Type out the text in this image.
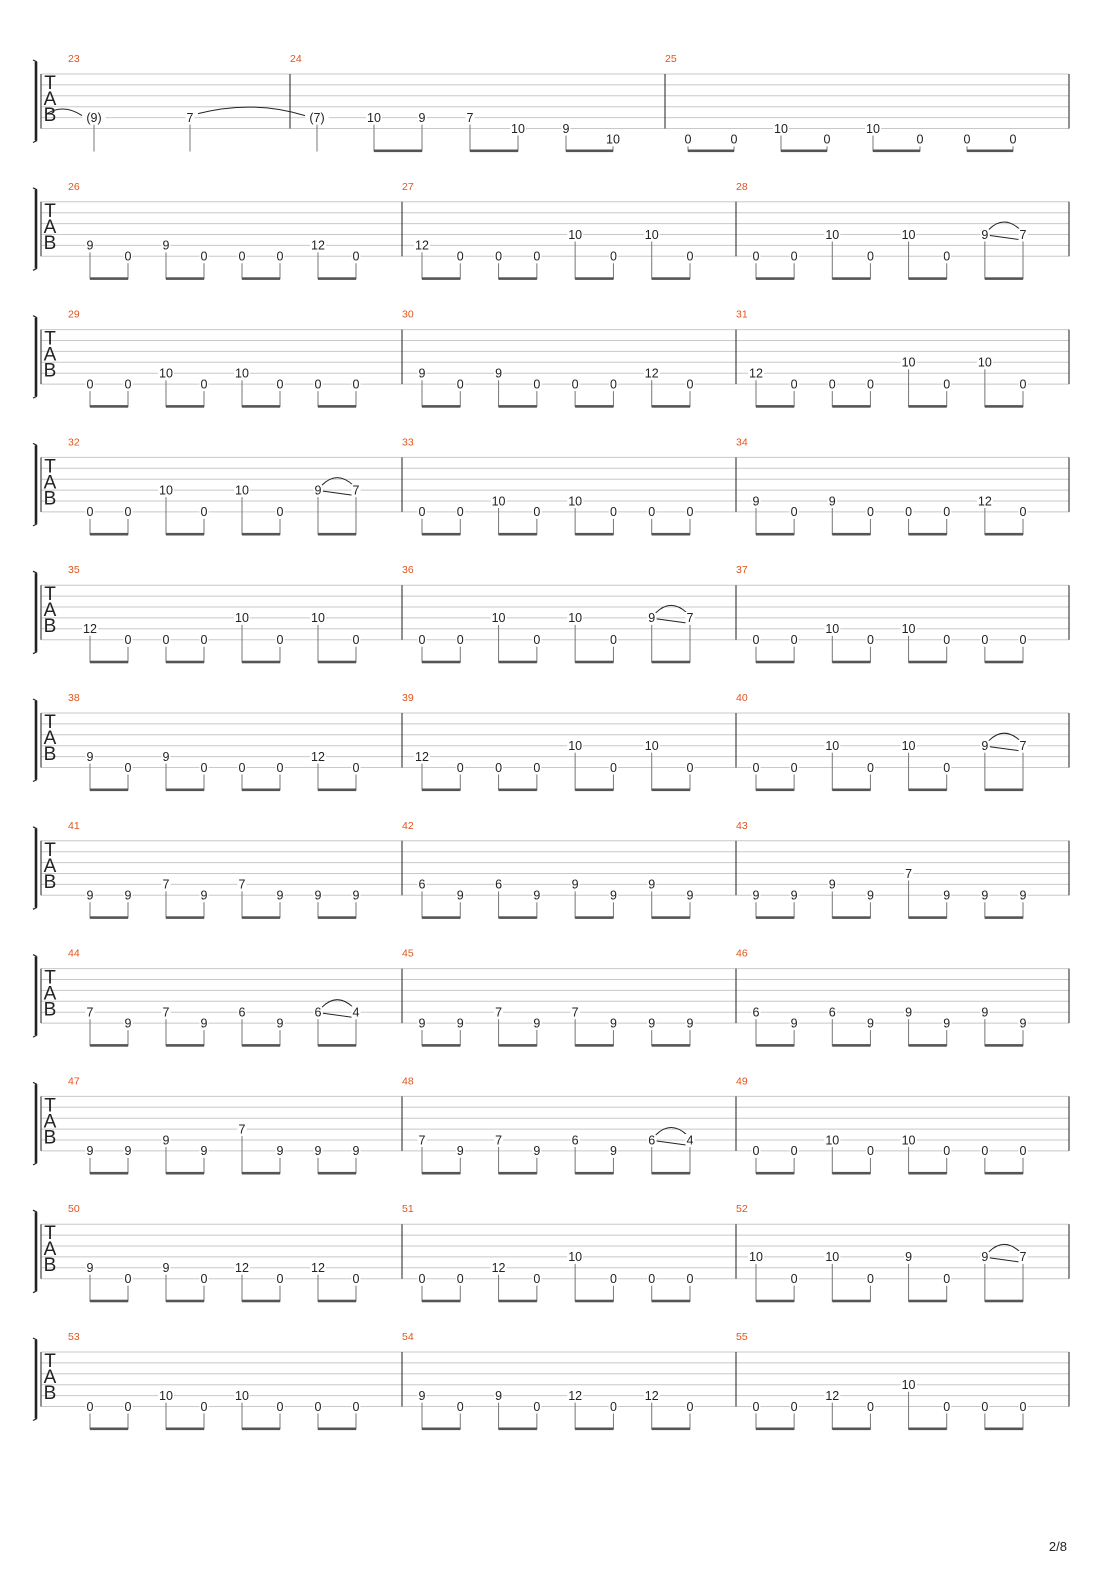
T
A
B
23
(9)	7
24
(7)	10	9	7
10	9
10
25
0	0
10
0
10
0	0	0
T
A
B
26
9
0
9
0 0 0
12
0
27
12
0	0	0
10
0
10
0
28
0 0
10
0
10
0
9 7
T
A
B
29
0 0
10
0
10
0 0 0
30
9
0
9
0	0	0
12
0
31
12
0 0 0
10
0
10
0
T
A
B
32
0 0
10
0
10
0
9 7
33
0	0
10
0
10
0	0	0
34
9
0
9
0 0 0
12
0
T
A
B
35
12
0 0 0
10
0
10
0
36
0	0
10
0
10
0
9	7
37
0 0
10
0
10
0 0 0
T
A
B
38
9
0
9
0 0 0
12
0
39
12
0	0	0
10
0
10
0
40
0 0
10
0
10
0
9 7
T
A
B
41
9 9
7
9
7
9 9 9
42
6
9
6
9
9
9
9
9
43
9 9
9
9
7
9 9 9
T
A
B
44
7
9
7
9
6
9
6 4
45
9	9
7
9
7
9	9	9
46
6
9
6
9
9
9
9
9
T
A
B
47
9 9
9
9
7
9 9 9
48
7
9
7
9
6
9
6	4
49
0 0
10
0
10
0 0 0
T
A
B
50
9
0
9
0
12
0
12
0
51
0	0
12
0
10
0	0	0
52
10
0
10
0
9
0
9 7
T
A
B
53
0 0
10
0
10
0 0 0
54
9
0
9
0
12
0
12
0
55
0 0
12
0
10
0 0 0
2/8
